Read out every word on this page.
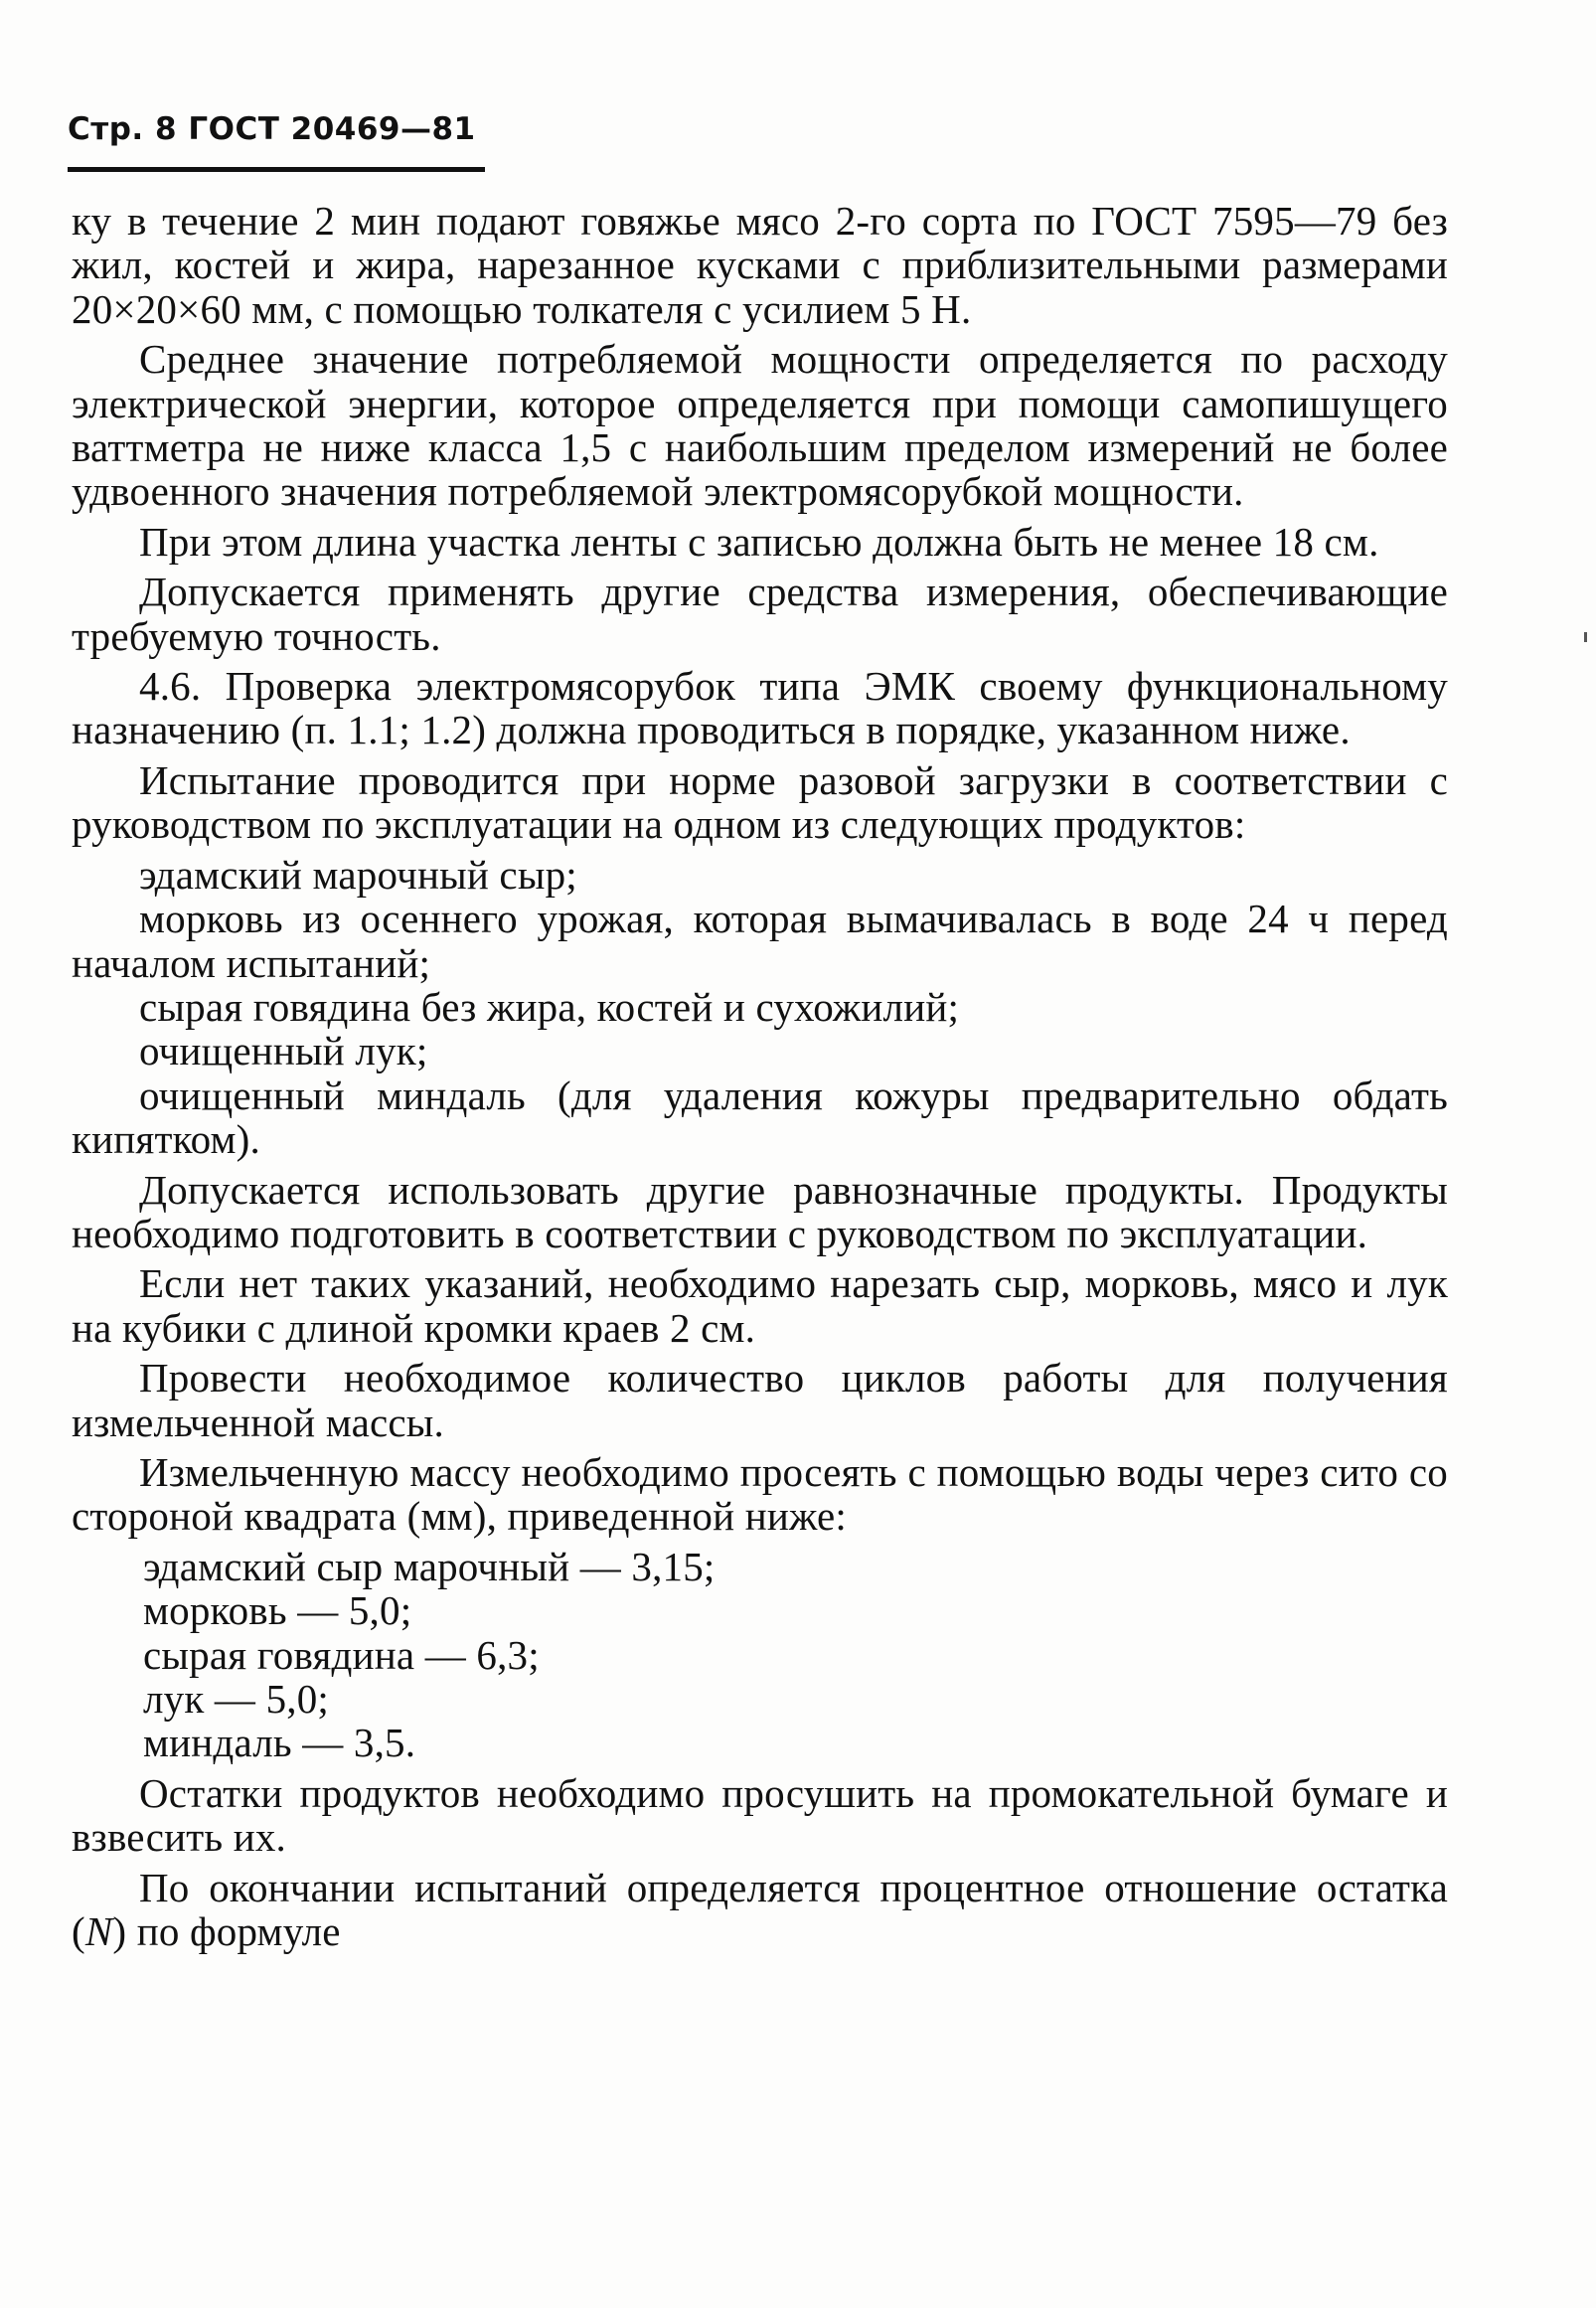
Стр. 8 ГОСТ 20469—81

ку в течение 2 мин подают говяжье мясо 2-го сорта по ГОСТ 7595—79 без жил, костей и жира, нарезанное кусками с приблизительными размерами 20×20×60 мм, с помощью толкателя с усилием 5 Н.

Среднее значение потребляемой мощности определяется по расходу электрической энергии, которое определяется при помощи самопишущего ваттметра не ниже класса 1,5 с наибольшим пределом измерений не более удвоенного значения потребляемой электромясорубкой мощности.

При этом длина участка ленты с записью должна быть не менее 18 см.

Допускается применять другие средства измерения, обеспечивающие требуемую точность.

4.6. Проверка электромясорубок типа ЭМК своему функциональному назначению (п. 1.1; 1.2) должна проводиться в порядке, указанном ниже.

Испытание проводится при норме разовой загрузки в соответствии с руководством по эксплуатации на одном из следующих продуктов:

эдамский марочный сыр;

морковь из осеннего урожая, которая вымачивалась в воде 24 ч перед началом испытаний;

сырая говядина без жира, костей и сухожилий;

очищенный лук;

очищенный миндаль (для удаления кожуры предварительно обдать кипятком).

Допускается использовать другие равнозначные продукты. Продукты необходимо подготовить в соответствии с руководством по эксплуатации.

Если нет таких указаний, необходимо нарезать сыр, морковь, мясо и лук на кубики с длиной кромки краев 2 см.

Провести необходимое количество циклов работы для получения измельченной массы.

Измельченную массу необходимо просеять с помощью воды через сито со стороной квадрата (мм), приведенной ниже:

эдамский сыр марочный — 3,15;
морковь — 5,0;
сырая говядина — 6,3;
лук — 5,0;
миндаль — 3,5.

Остатки продуктов необходимо просушить на промокательной бумаге и взвесить их.

По окончании испытаний определяется процентное отношение остатка (N) по формуле
